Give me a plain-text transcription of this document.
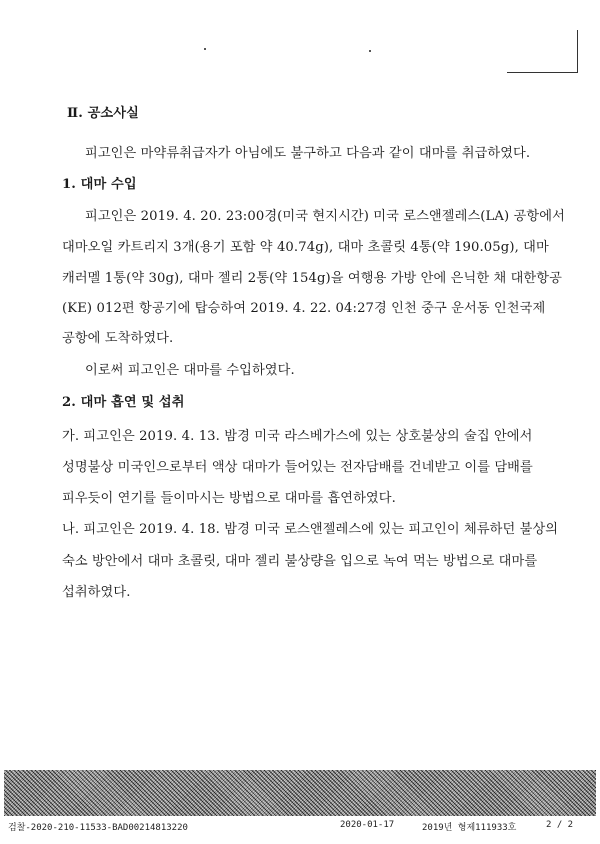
Ⅱ. 공소사실

피고인은 마약류취급자가 아님에도 불구하고 다음과 같이 대마를 취급하였다.

1. 대마 수입

피고인은 2019. 4. 20. 23:00경(미국 현지시간) 미국 로스앤젤레스(LA) 공항에서

대마오일 카트리지 3개(용기 포함 약 40.74g), 대마 초콜릿 4통(약 190.05g), 대마

캐러멜 1통(약 30g), 대마 젤리 2통(약 154g)을 여행용 가방 안에 은닉한 채 대한항공

(KE) 012편 항공기에 탑승하여 2019. 4. 22. 04:27경 인천 중구 운서동 인천국제

공항에 도착하였다.

이로써 피고인은 대마를 수입하였다.

2. 대마 흡연 및 섭취

가. 피고인은 2019. 4. 13. 밤경 미국 라스베가스에 있는 상호불상의 술집 안에서

성명불상 미국인으로부터 액상 대마가 들어있는 전자담배를 건네받고 이를 담배를

피우듯이 연기를 들이마시는 방법으로 대마를 흡연하였다.

나. 피고인은 2019. 4. 18. 밤경 미국 로스앤젤레스에 있는 피고인이 체류하던 불상의

숙소 방안에서 대마 초콜릿, 대마 젤리 불상량을 입으로 녹여 먹는 방법으로 대마를

섭취하였다.

검찰-2020-210-11533-BAD00214813220	2020-01-17	2019년 형제111933호	2 / 2
